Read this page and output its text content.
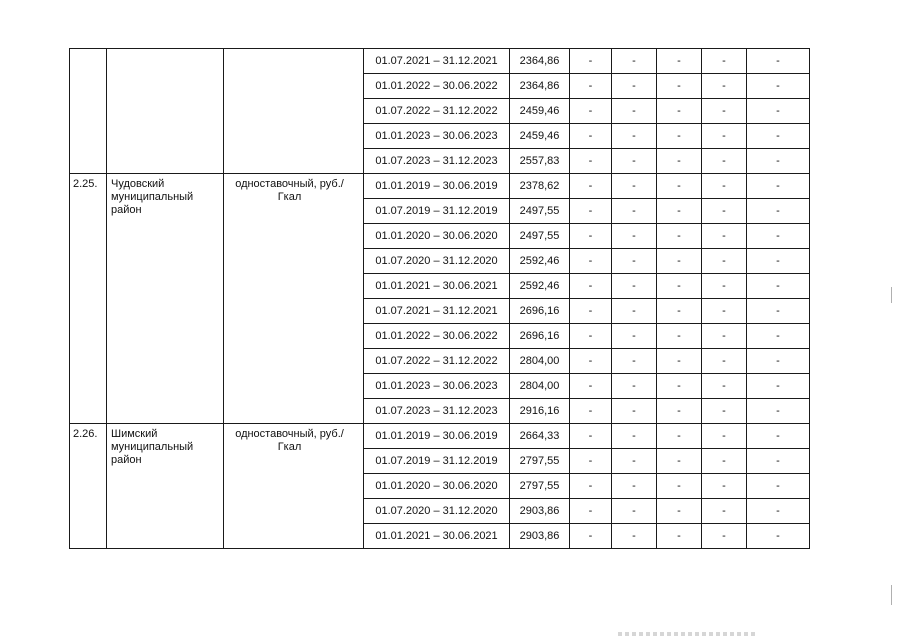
			01.07.2021 – 31.12.2021	2364,86	-	-	-	-	-
			01.01.2022 – 30.06.2022	2364,86	-	-	-	-	-
			01.07.2022 – 31.12.2022	2459,46	-	-	-	-	-
			01.01.2023 – 30.06.2023	2459,46	-	-	-	-	-
			01.07.2023 – 31.12.2023	2557,83	-	-	-	-	-
2.25.	Чудовский муниципальный район	одноставочный, руб./Гкал	01.01.2019 – 30.06.2019	2378,62	-	-	-	-	-
			01.07.2019 – 31.12.2019	2497,55	-	-	-	-	-
			01.01.2020 – 30.06.2020	2497,55	-	-	-	-	-
			01.07.2020 – 31.12.2020	2592,46	-	-	-	-	-
			01.01.2021 – 30.06.2021	2592,46	-	-	-	-	-
			01.07.2021 – 31.12.2021	2696,16	-	-	-	-	-
			01.01.2022 – 30.06.2022	2696,16	-	-	-	-	-
			01.07.2022 – 31.12.2022	2804,00	-	-	-	-	-
			01.01.2023 – 30.06.2023	2804,00	-	-	-	-	-
			01.07.2023 – 31.12.2023	2916,16	-	-	-	-	-
2.26.	Шимский муниципальный район	одноставочный, руб./Гкал	01.01.2019 – 30.06.2019	2664,33	-	-	-	-	-
			01.07.2019 – 31.12.2019	2797,55	-	-	-	-	-
			01.01.2020 – 30.06.2020	2797,55	-	-	-	-	-
			01.07.2020 – 31.12.2020	2903,86	-	-	-	-	-
			01.01.2021 – 30.06.2021	2903,86	-	-	-	-	-
